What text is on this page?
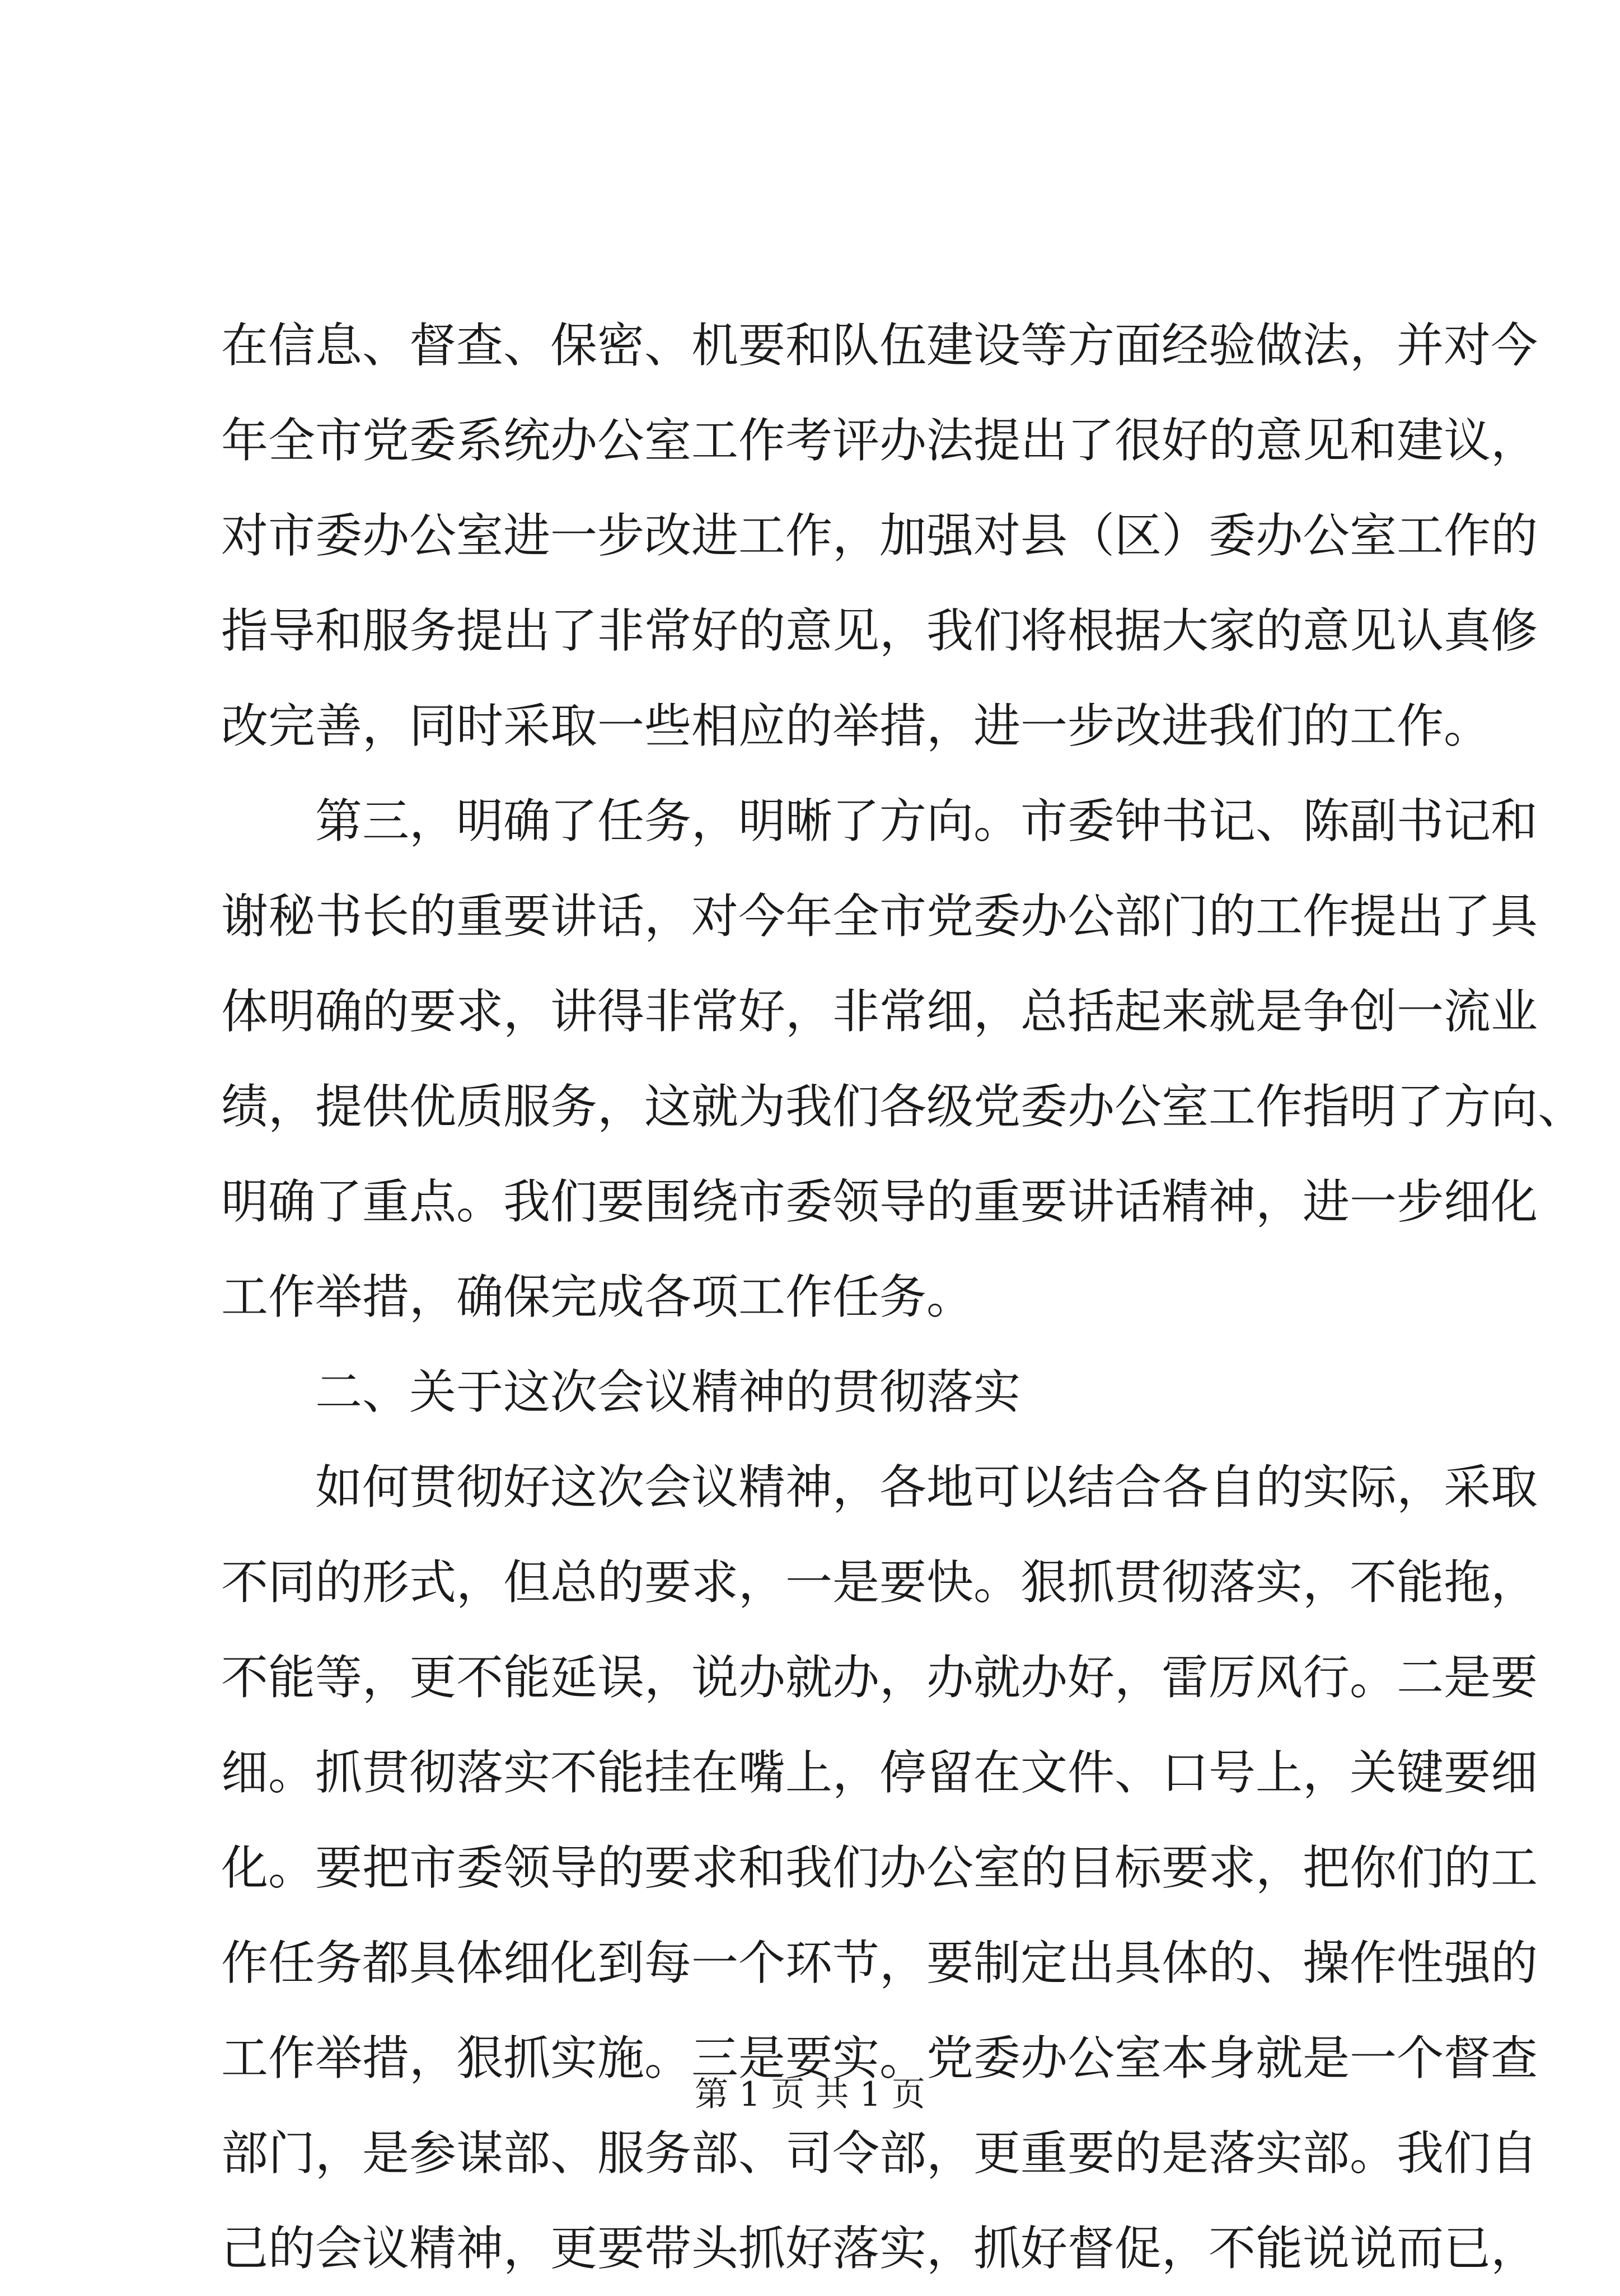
在信息、督查、保密、机要和队伍建设等方面经验做法，并对今
年全市党委系统办公室工作考评办法提出了很好的意见和建议，
对市委办公室进一步改进工作，加强对县（区）委办公室工作的
指导和服务提出了非常好的意见，我们将根据大家的意见认真修
改完善，同时采取一些相应的举措，进一步改进我们的工作。
第三，明确了任务，明晰了方向。市委钟书记、陈副书记和
谢秘书长的重要讲话，对今年全市党委办公部门的工作提出了具
体明确的要求，讲得非常好，非常细，总括起来就是争创一流业
绩，提供优质服务，这就为我们各级党委办公室工作指明了方向、
明确了重点。我们要围绕市委领导的重要讲话精神，进一步细化
工作举措，确保完成各项工作任务。
二、关于这次会议精神的贯彻落实
如何贯彻好这次会议精神，各地可以结合各自的实际，采取
不同的形式，但总的要求，一是要快。狠抓贯彻落实，不能拖，
不能等，更不能延误，说办就办，办就办好，雷厉风行。二是要
细。抓贯彻落实不能挂在嘴上，停留在文件、口号上，关键要细
化。要把市委领导的要求和我们办公室的目标要求，把你们的工
作任务都具体细化到每一个环节，要制定出具体的、操作性强的
工作举措，狠抓实施。三是要实。党委办公室本身就是一个督查
部门，是参谋部、服务部、司令部，更重要的是落实部。我们自
己的会议精神，更要带头抓好落实，抓好督促，不能说说而已，
第 1 页 共 1 页
